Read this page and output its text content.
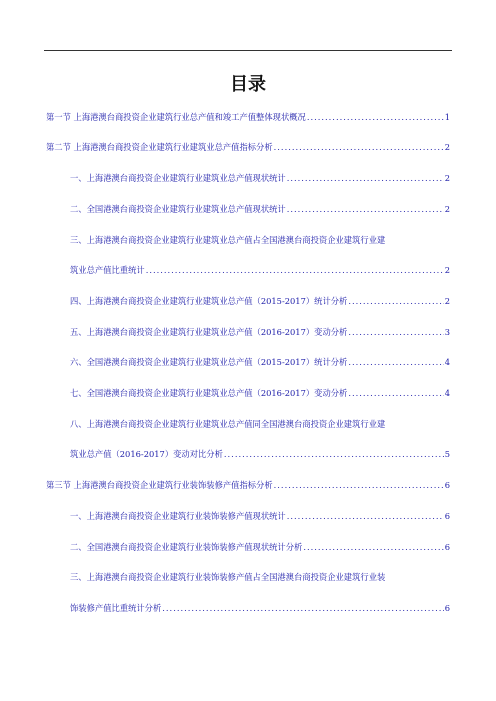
目录
第一节 上海港澳台商投资企业建筑行业总产值和竣工产值整体现状概况 .....	1
第二节 上海港澳台商投资企业建筑行业建筑业总产值指标分析 .....	2
一、上海港澳台商投资企业建筑行业建筑业总产值现状统计 .....	2
二、全国港澳台商投资企业建筑行业建筑业总产值现状统计 .....	2
三、上海港澳台商投资企业建筑行业建筑业总产值占全国港澳台商投资企业建筑行业建
筑业总产值比重统计 .....	2
四、上海港澳台商投资企业建筑行业建筑业总产值（2015-2017）统计分析 .....	2
五、上海港澳台商投资企业建筑行业建筑业总产值（2016-2017）变动分析 .....	3
六、全国港澳台商投资企业建筑行业建筑业总产值（2015-2017）统计分析 .....	4
七、全国港澳台商投资企业建筑行业建筑业总产值（2016-2017）变动分析 .....	4
八、上海港澳台商投资企业建筑行业建筑业总产值同全国港澳台商投资企业建筑行业建
筑业总产值（2016-2017）变动对比分析 .....	5
第三节 上海港澳台商投资企业建筑行业装饰装修产值指标分析 .....	6
一、上海港澳台商投资企业建筑行业装饰装修产值现状统计 .....	6
二、全国港澳台商投资企业建筑行业装饰装修产值现状统计分析 .....	6
三、上海港澳台商投资企业建筑行业装饰装修产值占全国港澳台商投资企业建筑行业装
饰装修产值比重统计分析 .....	6
